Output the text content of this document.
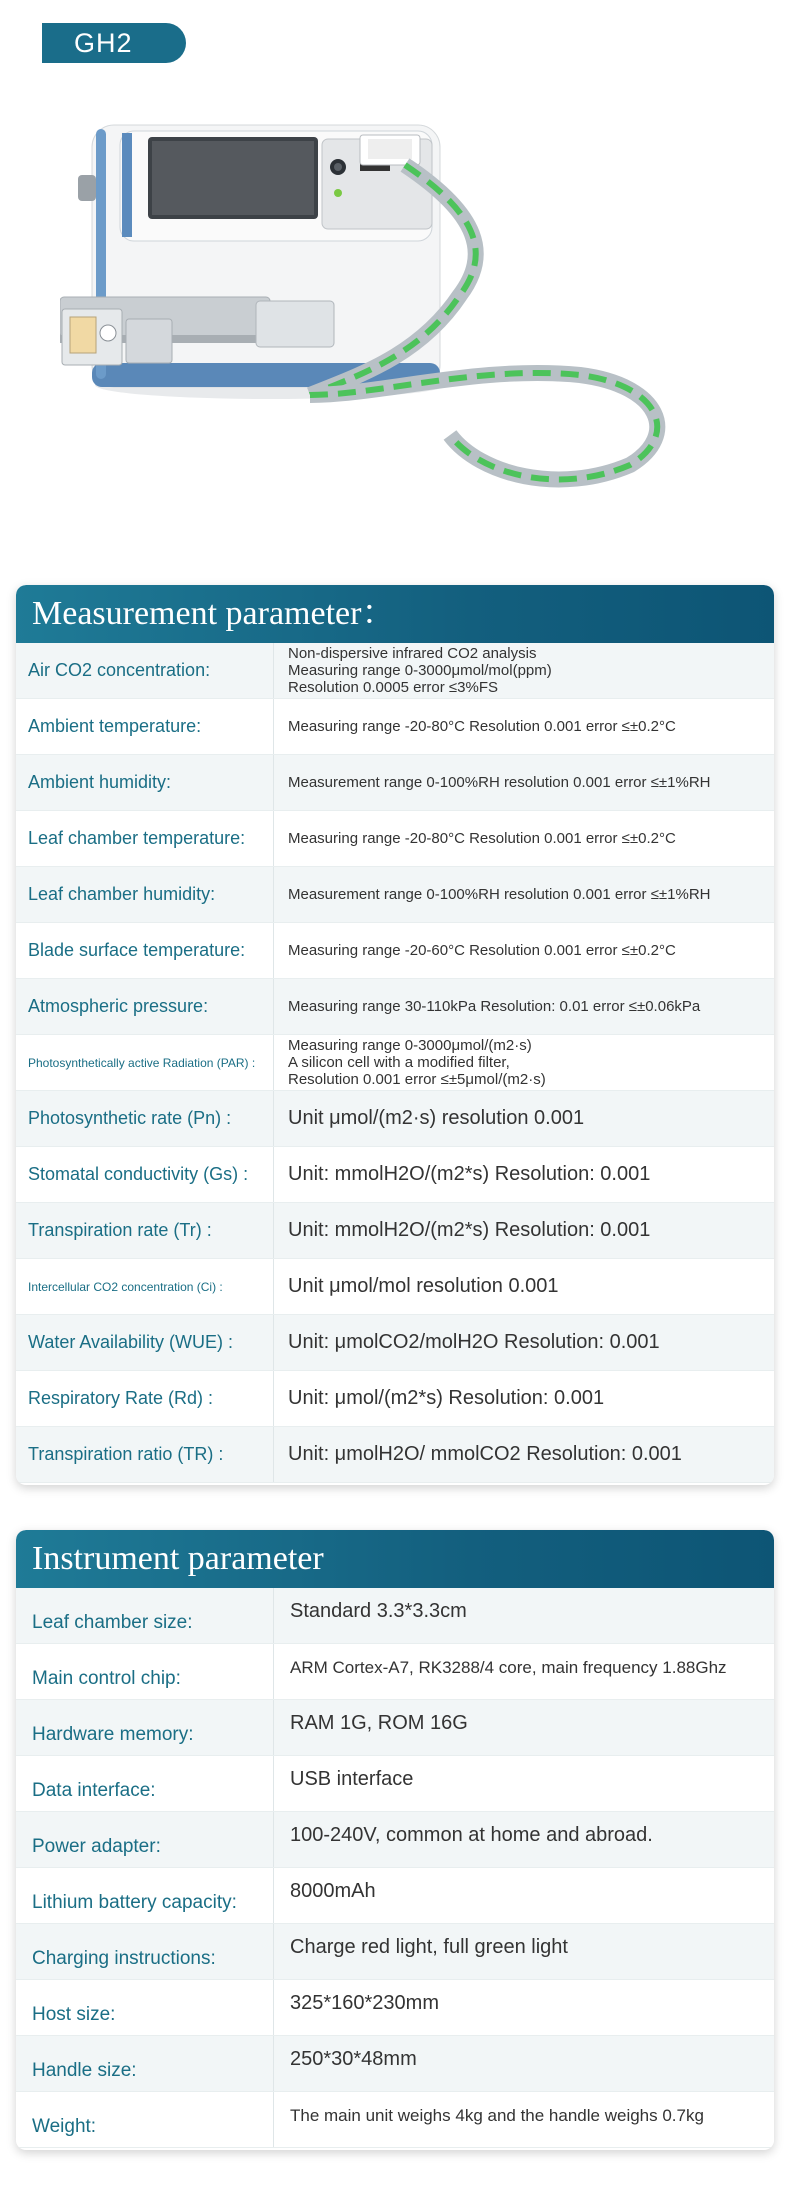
GH2
Measurement parameter：
Air CO2 concentration:
Non-dispersive infrared CO2 analysis
Measuring range 0-3000μmol/mol(ppm)
Resolution 0.0005 error ≤3%FS
Ambient temperature:	Measuring range -20-80°C Resolution 0.001 error ≤±0.2°C
Ambient humidity:	Measurement range 0-100%RH resolution 0.001 error ≤±1%RH
Leaf chamber temperature:	Measuring range -20-80°C Resolution 0.001 error ≤±0.2°C
Leaf chamber humidity:	Measurement range 0-100%RH resolution 0.001 error ≤±1%RH
Blade surface temperature:	Measuring range -20-60°C Resolution 0.001 error ≤±0.2°C
Atmospheric pressure:	Measuring range 30-110kPa Resolution: 0.01 error ≤±0.06kPa
Photosynthetically active Radiation (PAR) :
Measuring range 0-3000μmol/(m2·s)
A silicon cell with a modified filter,
Resolution 0.001 error ≤±5μmol/(m2·s)
Photosynthetic rate (Pn) :	Unit μmol/(m2·s) resolution 0.001
Stomatal conductivity (Gs) :	Unit: mmolH2O/(m2*s) Resolution: 0.001
Transpiration rate (Tr) :	Unit: mmolH2O/(m2*s) Resolution: 0.001
Intercellular CO2 concentration (Ci) :	Unit μmol/mol resolution 0.001
Water Availability (WUE) :	Unit: μmolCO2/molH2O Resolution: 0.001
Respiratory Rate (Rd) :	Unit: μmol/(m2*s) Resolution: 0.001
Transpiration ratio (TR) :	Unit: μmolH2O/ mmolCO2 Resolution: 0.001
Instrument parameter
Leaf chamber size:	Standard 3.3*3.3cm
Main control chip:
ARM Cortex-A7, RK3288/4 core, main frequency 1.88Ghz
Hardware memory:	RAM 1G, ROM 16G
Data interface:	USB interface
Power adapter:	100-240V, common at home and abroad.
Lithium battery capacity:	8000mAh
Charging instructions:	Charge red light, full green light
Host size:	325*160*230mm
Handle size:	250*30*48mm
Weight:
The main unit weighs 4kg and the handle weighs 0.7kg
